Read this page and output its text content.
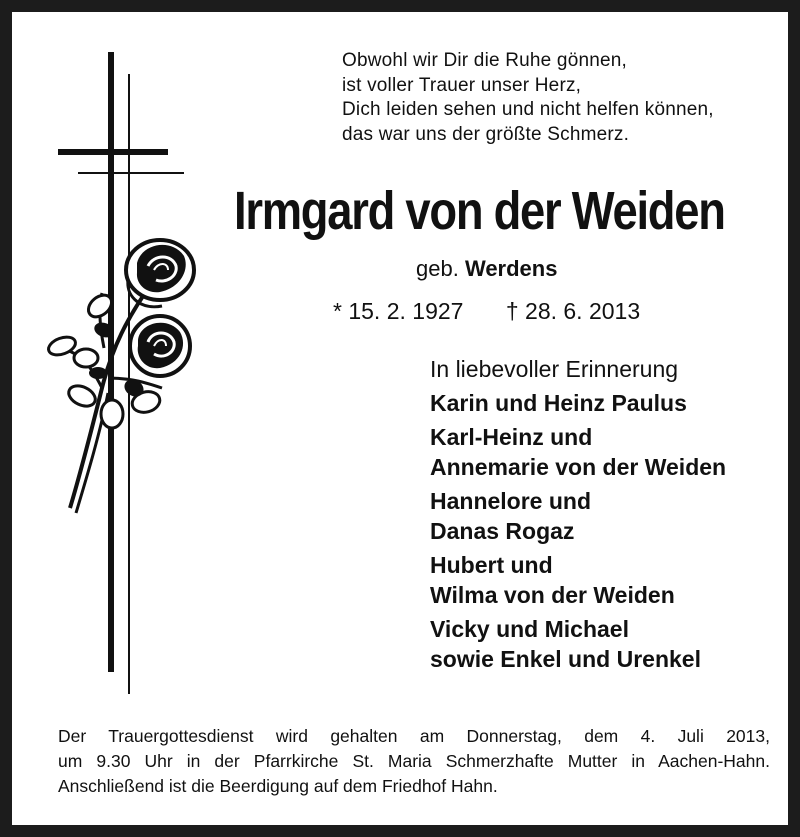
Obwohl wir Dir die Ruhe gönnen,
ist voller Trauer unser Herz,
Dich leiden sehen und nicht helfen können,
das war uns der größte Schmerz.
Irmgard von der Weiden
geb. Werdens
* 15. 2. 1927 † 28. 6. 2013
In liebevoller Erinnerung
Karin und Heinz Paulus
Karl-Heinz und
Annemarie von der Weiden
Hannelore und
Danas Rogaz
Hubert und
Wilma von der Weiden
Vicky und Michael
sowie Enkel und Urenkel
Der Trauergottesdienst wird gehalten am Donnerstag, dem 4. Juli 2013,
um 9.30 Uhr in der Pfarrkirche St. Maria Schmerzhafte Mutter in Aachen-Hahn.
Anschließend ist die Beerdigung auf dem Friedhof Hahn.
